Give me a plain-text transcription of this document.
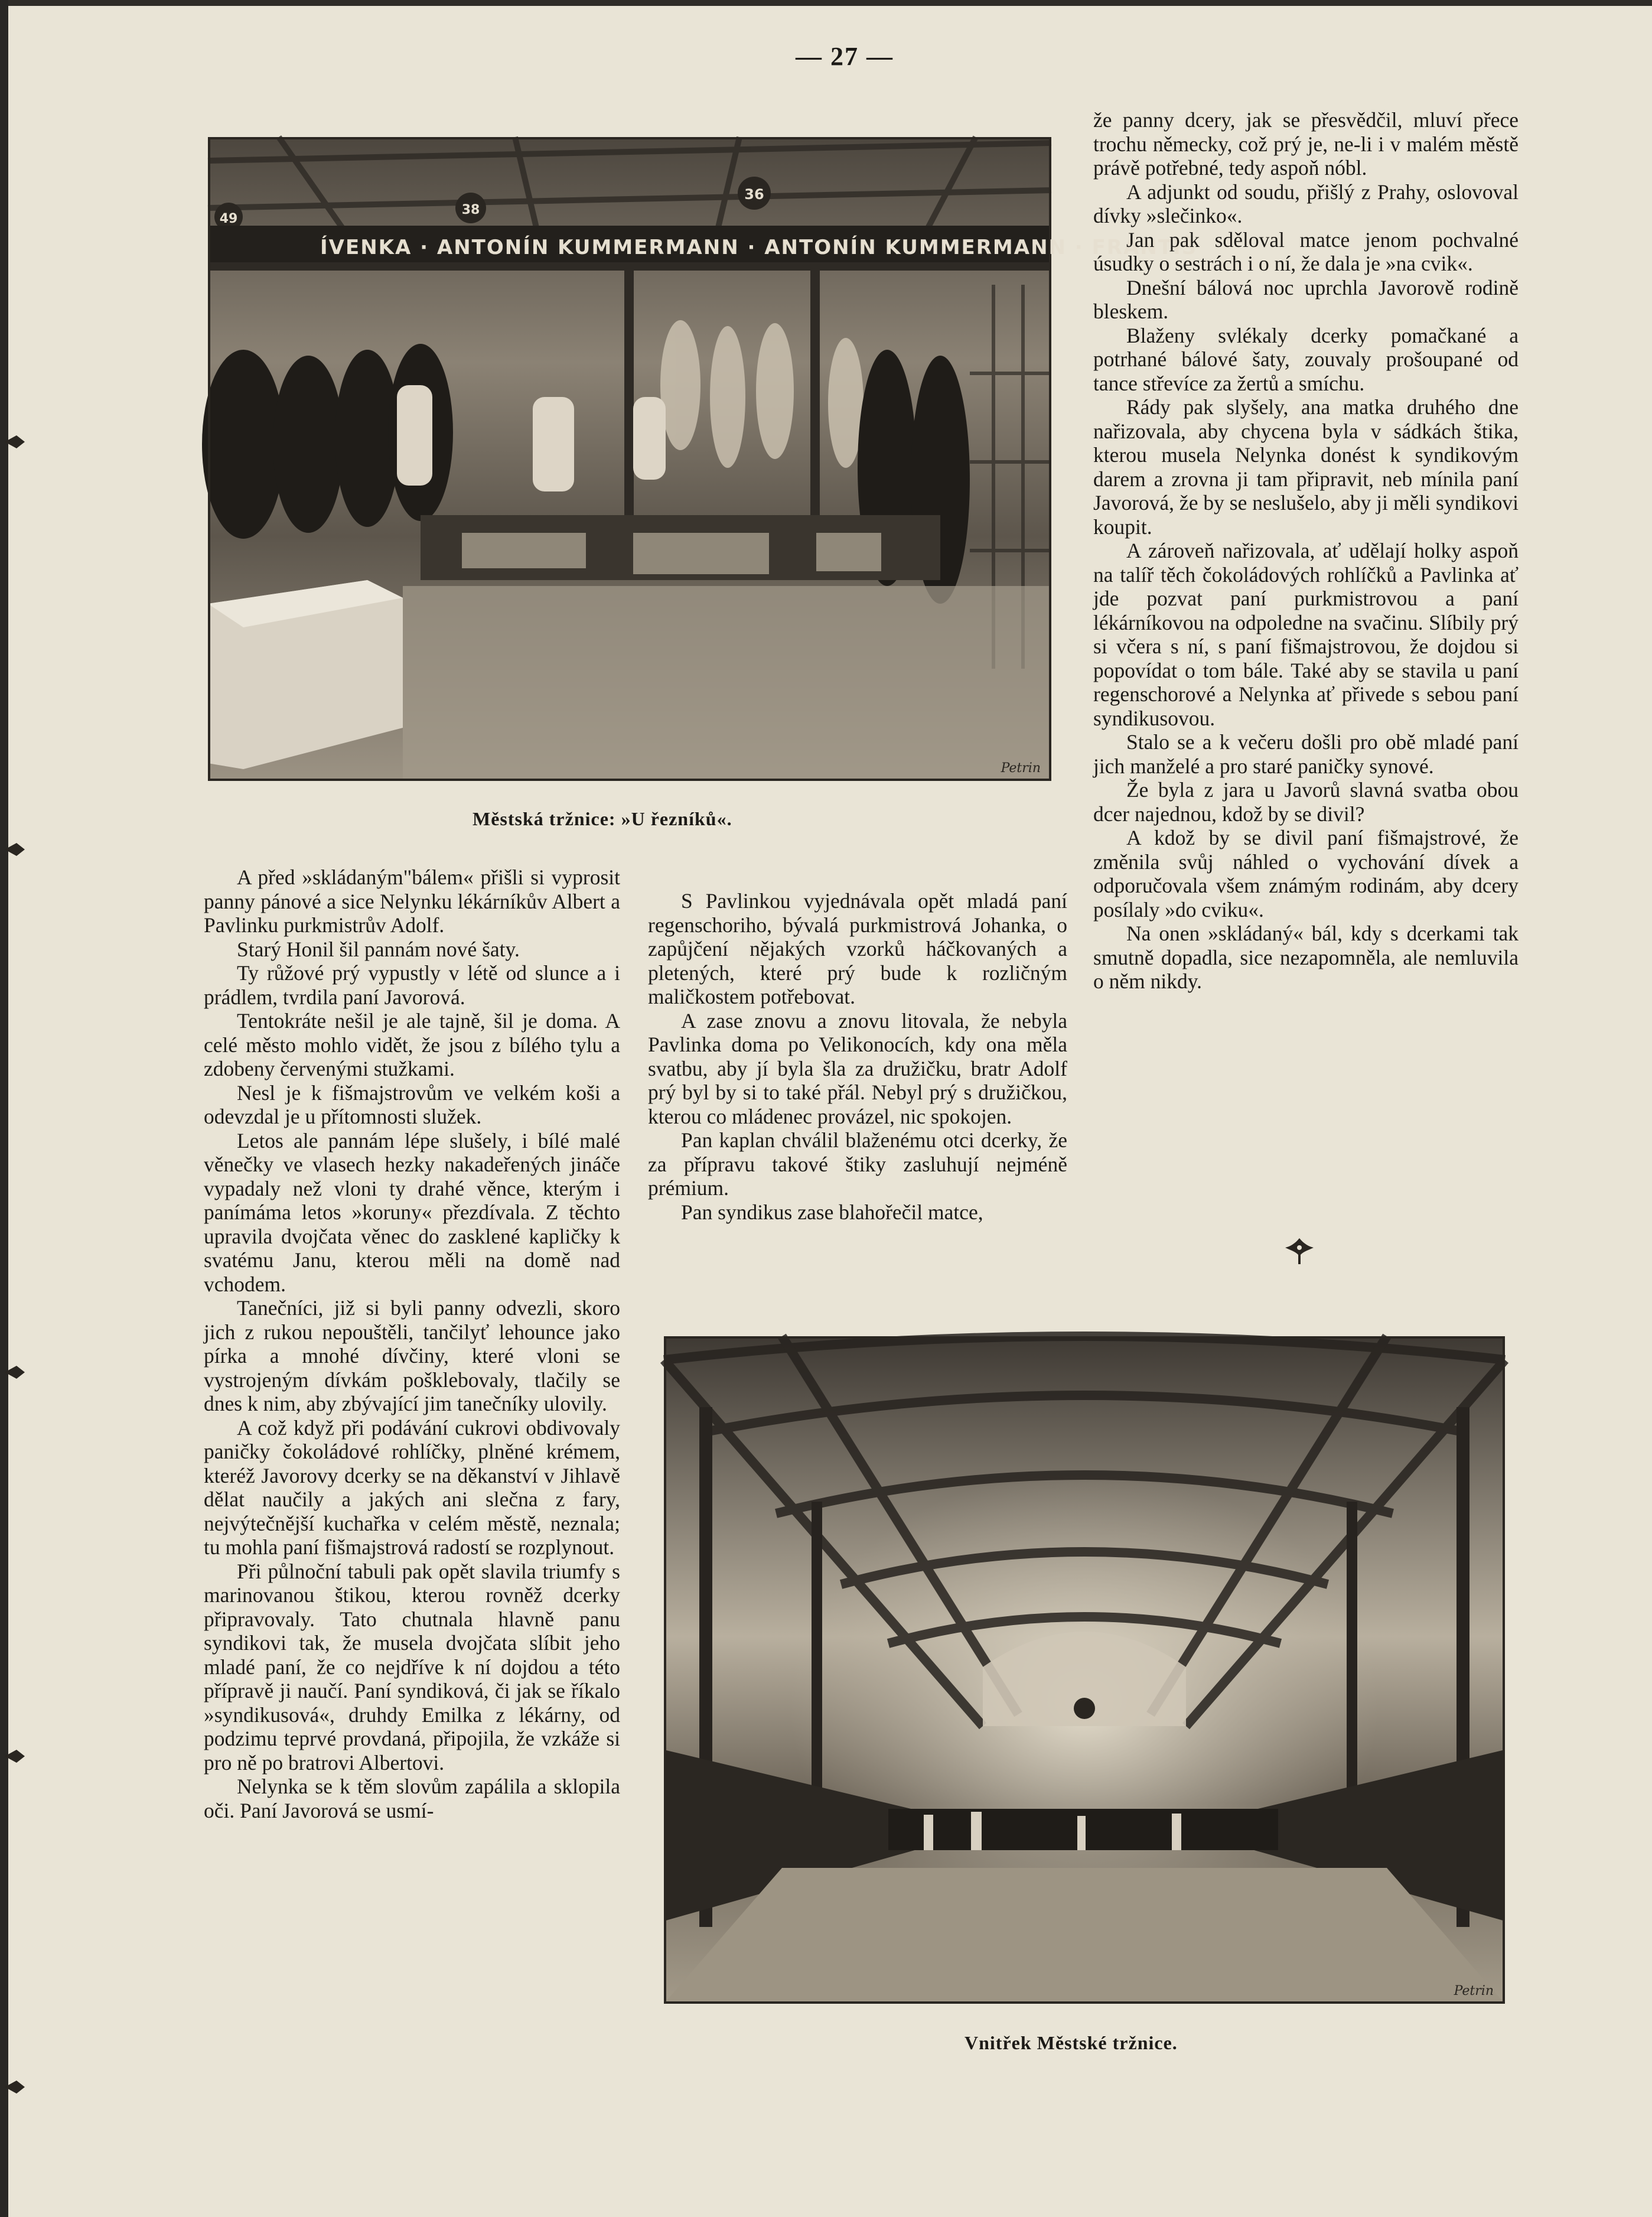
— 27 —
ÍVENKA · ANTONÍN KUMMERMANN · ANTONÍN KUMMERMANN · FRANTIŠ
49
38
36
Petrin
Městská tržnice: »U řezníků«.

A před »skládaným"bálem« přišli si vyprosit panny pánové a sice Nelynku lékárníkův Albert a Pavlinku purkmistrův Adolf.

Starý Honil šil pannám nové šaty.

Ty růžové prý vypustly v létě od slunce a i prádlem, tvrdila paní Javorová.

Tentokráte nešil je ale tajně, šil je doma. A celé město mohlo vidět, že jsou z bílého tylu a zdobeny červenými stužkami.

Nesl je k fišmajstrovům ve velkém koši a odevzdal je u přítomnosti služek.

Letos ale pannám lépe slušely, i bílé malé věnečky ve vlasech hezky nakadeřených jináče vypadaly než vloni ty drahé věnce, kterým i panímáma letos »koruny« přezdívala. Z těchto upravila dvojčata věnec do zasklené kapličky k svatému Janu, kterou měli na domě nad vchodem.

Tanečníci, již si byli panny odvezli, skoro jich z rukou nepouštěli, tančilyť lehounce jako pírka a mnohé dívčiny, které vloni se vystrojeným dívkám pošklebovaly, tlačily se dnes k nim, aby zbývající jim tanečníky ulovily.

A což když při podávání cukrovi obdivovaly paničky čokoládové rohlíčky, plněné krémem, kteréž Javorovy dcerky se na děkanství v Jihlavě dělat naučily a jakých ani slečna z fary, nejvýtečnější kuchařka v celém městě, neznala; tu mohla paní fišmajstrová radostí se rozplynout.

Při půlnoční tabuli pak opět slavila triumfy s marinovanou štikou, kterou rovněž dcerky připravovaly. Tato chutnala hlavně panu syndikovi tak, že musela dvojčata slíbit jeho mladé paní, že co nejdříve k ní dojdou a této přípravě ji naučí. Paní syndiková, či jak se říkalo »syndikusová«, druhdy Emilka z lékárny, od podzimu teprvé provdaná, připojila, že vzkáže si pro ně po bratrovi Albertovi.

Nelynka se k těm slovům zapálila a sklopila oči. Paní Javorová se usmí-

S Pavlinkou vyjednávala opět mladá paní regenschoriho, bývalá purkmistrová Johanka, o zapůjčení nějakých vzorků háčkovaných a pletených, které prý bude k rozličným maličkostem potřebovat.

A zase znovu a znovu litovala, že nebyla Pavlinka doma po Velikonocích, kdy ona měla svatbu, aby jí byla šla za družičku, bratr Adolf prý byl by si to také přál. Nebyl prý s družičkou, kterou co mládenec provázel, nic spokojen.

Pan kaplan chválil blaženému otci dcerky, že za přípravu takové štiky zasluhují nejméně prémium.

Pan syndikus zase blahořečil matce,

že panny dcery, jak se přesvědčil, mluví přece trochu německy, což prý je, ne-li i v malém městě právě potřebné, tedy aspoň nóbl.

A adjunkt od soudu, přišlý z Prahy, oslovoval dívky »slečinko«.

Jan pak sděloval matce jenom pochvalné úsudky o sestrách i o ní, že dala je »na cvik«.

Dnešní bálová noc uprchla Javorově rodině bleskem.

Blaženy svlékaly dcerky pomačkané a potrhané bálové šaty, zouvaly prošoupané od tance střevíce za žertů a smíchu.

Rády pak slyšely, ana matka druhého dne nařizovala, aby chycena byla v sádkách štika, kterou musela Nelynka donést k syndikovým darem a zrovna ji tam připravit, neb mínila paní Javorová, že by se neslušelo, aby ji měli syndikovi koupit.

A zároveň nařizovala, ať udělají holky aspoň na talíř těch čokoládových rohlíčků a Pavlinka ať jde pozvat paní purkmistrovou a paní lékárníkovou na odpoledne na svačinu. Slíbily prý si včera s ní, s paní fišmajstrovou, že dojdou si popovídat o tom bále. Také aby se stavila u paní regenschorové a Nelynka ať přivede s sebou paní syndikusovou.

Stalo se a k večeru došli pro obě mladé paní jich manželé a pro staré paničky synové.

Že byla z jara u Javorů slavná svatba obou dcer najednou, kdož by se divil?

A kdož by se divil paní fišmajstrové, že změnila svůj náhled o vychování dívek a odporučovala všem známým rodinám, aby dcery posílaly »do cviku«.

Na onen »skládaný« bál, kdy s dcerkami tak smutně dopadla, sice nezapomněla, ale nemluvila o něm nikdy.

Petrin
Vnitřek Městské tržnice.
